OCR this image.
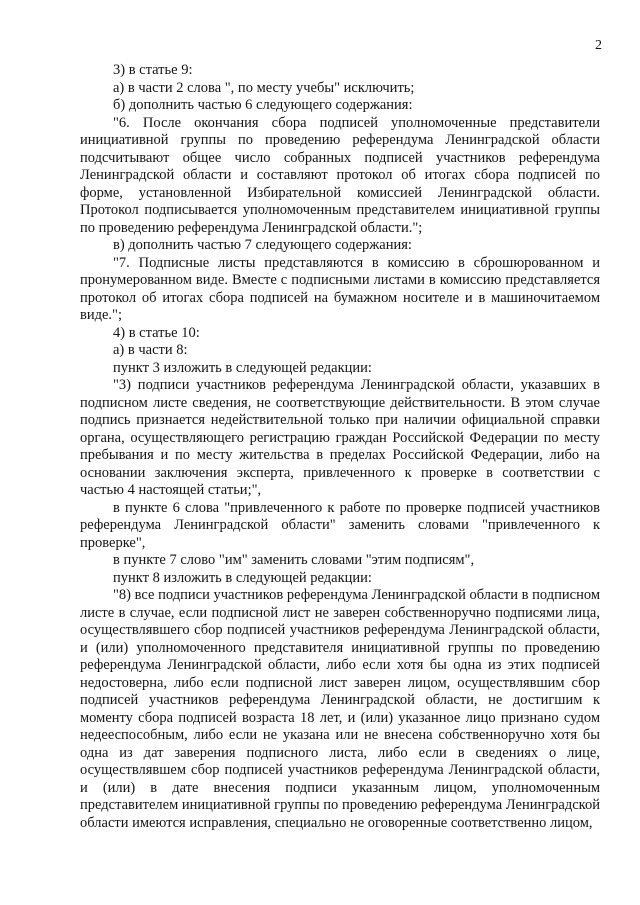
2

3) в статье 9:

а) в части 2 слова ", по месту учебы" исключить;

б) дополнить частью 6 следующего содержания:

"6. После окончания сбора подписей уполномоченные представители инициативной группы по проведению референдума Ленинградской области подсчитывают общее число собранных подписей участников референдума Ленинградской области и составляют протокол об итогах сбора подписей по форме, установленной Избирательной комиссией Ленинградской области. Протокол подписывается уполномоченным представителем инициативной группы по проведению референдума Ленинградской области.";

в) дополнить частью 7 следующего содержания:

"7. Подписные листы представляются в комиссию в сброшюрованном и пронумерованном виде. Вместе с подписными листами в комиссию представляется протокол об итогах сбора подписей на бумажном носителе и в машиночитаемом виде.";

4) в статье 10:

а) в части 8:

пункт 3 изложить в следующей редакции:

"3) подписи участников референдума Ленинградской области, указавших в подписном листе сведения, не соответствующие действительности. В этом случае подпись признается недействительной только при наличии официальной справки органа, осуществляющего регистрацию граждан Российской Федерации по месту пребывания и по месту жительства в пределах Российской Федерации, либо на основании заключения эксперта, привлеченного к проверке в соответствии с частью 4 настоящей статьи;",

в пункте 6 слова "привлеченного к работе по проверке подписей участников референдума Ленинградской области" заменить словами "привлеченного к проверке",

в пункте 7 слово "им" заменить словами "этим подписям",

пункт 8 изложить в следующей редакции:

"8) все подписи участников референдума Ленинградской области в подписном листе в случае, если подписной лист не заверен собственноручно подписями лица, осуществлявшего сбор подписей участников референдума Ленинградской области, и (или) уполномоченного представителя инициативной группы по проведению референдума Ленинградской области, либо если хотя бы одна из этих подписей недостоверна, либо если подписной лист заверен лицом, осуществлявшим сбор подписей участников референдума Ленинградской области, не достигшим к моменту сбора подписей возраста 18 лет, и (или) указанное лицо признано судом недееспособным, либо если не указана или не внесена собственноручно хотя бы одна из дат заверения подписного листа, либо если в сведениях о лице, осуществлявшем сбор подписей участников референдума Ленинградской области, и (или) в дате внесения подписи указанным лицом, уполномоченным представителем инициативной группы по проведению референдума Ленинградской области имеются исправления, специально не оговоренные соответственно лицом,
